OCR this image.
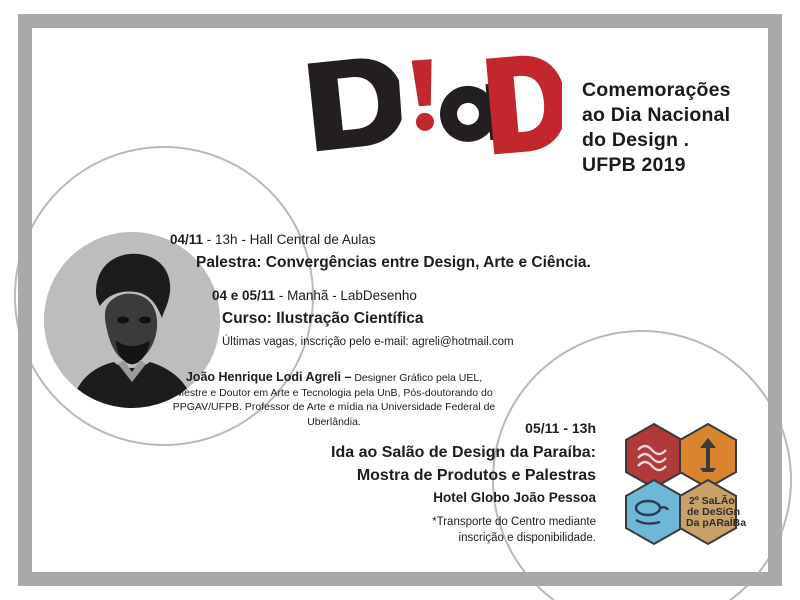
Comemorações
ao Dia Nacional
do Design .
UFPB 2019
04/11 - 13h - Hall Central de Aulas
Palestra: Convergências entre Design, Arte e Ciência.
04 e 05/11 - Manhã - LabDesenho
Curso: Ilustração Científica
Últimas vagas, inscrição pelo e-mail: agreli@hotmail.com
João Henrique Lodi Agreli – Designer Gráfico pela UEL,
Mestre e Doutor em Arte e Tecnologia pela UnB, Pós-doutorando do
PPGAV/UFPB. Professor de Arte e mídia na Universidade Federal de Uberlândia.	05/11 - 13h
Ida ao Salão de Design da Paraíba:
Mostra de Produtos e Palestras
Hotel Globo João Pessoa
*Transporte do Centro mediante
inscrição e disponibilidade.
2º SaLÃo
de DeSiGn
Da pARaÍBa
